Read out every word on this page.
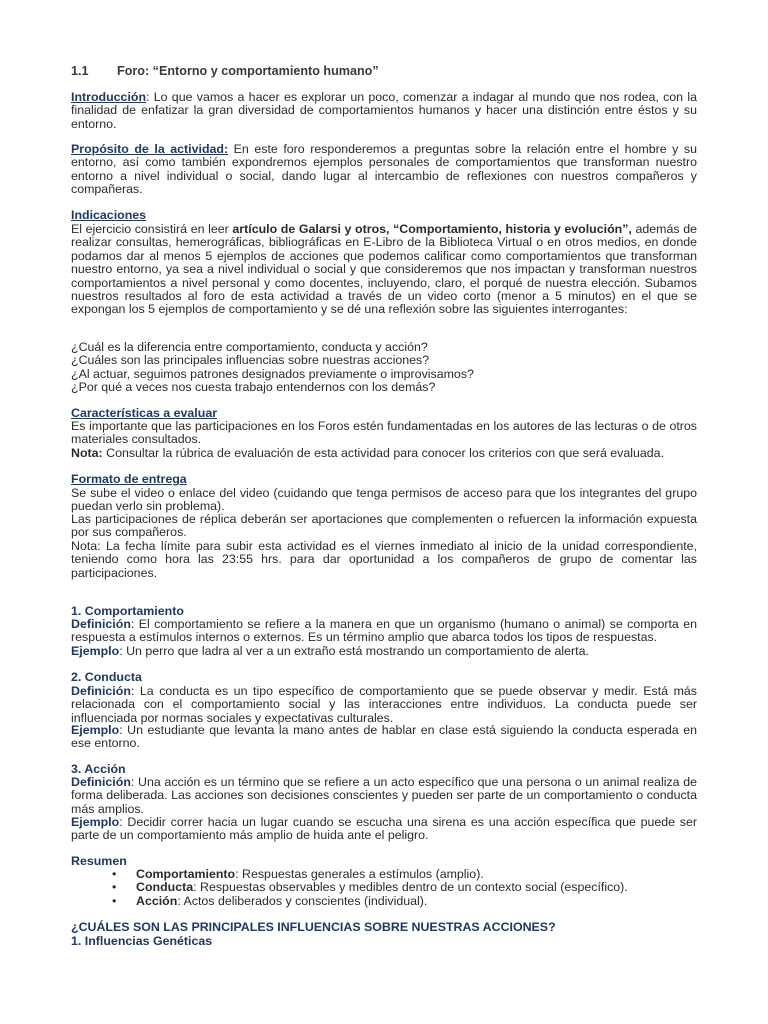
1.1 Foro: “Entorno y comportamiento humano”

Introducción: Lo que vamos a hacer es explorar un poco, comenzar a indagar al mundo que nos rodea, con la finalidad de enfatizar la gran diversidad de comportamientos humanos y hacer una distinción entre éstos y su entorno.

Propósito de la actividad: En este foro responderemos a preguntas sobre la relación entre el hombre y su entorno, así como también expondremos ejemplos personales de comportamientos que transforman nuestro entorno a nivel individual o social, dando lugar al intercambio de reflexiones con nuestros compañeros y compañeras.

Indicaciones

El ejercicio consistirá en leer artículo de Galarsi y otros, “Comportamiento, historia y evolución”, además de realizar consultas, hemerográficas, bibliográficas en E-Libro de la Biblioteca Virtual o en otros medios, en donde podamos dar al menos 5 ejemplos de acciones que podemos calificar como comportamientos que transforman nuestro entorno, ya sea a nivel individual o social y que consideremos que nos impactan y transforman nuestros comportamientos a nivel personal y como docentes, incluyendo, claro, el porqué de nuestra elección. Subamos nuestros resultados al foro de esta actividad a través de un video corto (menor a 5 minutos) en el que se expongan los 5 ejemplos de comportamiento y se dé una reflexión sobre las siguientes interrogantes:

¿Cuál es la diferencia entre comportamiento, conducta y acción?
¿Cuáles son las principales influencias sobre nuestras acciones?
¿Al actuar, seguimos patrones designados previamente o improvisamos?
¿Por qué a veces nos cuesta trabajo entendernos con los demás?
Características a evaluar

Es importante que las participaciones en los Foros estén fundamentadas en los autores de las lecturas o de otros materiales consultados.

Nota: Consultar la rúbrica de evaluación de esta actividad para conocer los criterios con que será evaluada.

Formato de entrega

Se sube el video o enlace del video (cuidando que tenga permisos de acceso para que los integrantes del grupo puedan verlo sin problema).

Las participaciones de réplica deberán ser aportaciones que complementen o refuercen la información expuesta por sus compañeros.

Nota: La fecha límite para subir esta actividad es el viernes inmediato al inicio de la unidad correspondiente, teniendo como hora las 23:55 hrs. para dar oportunidad a los compañeros de grupo de comentar las participaciones.

1. Comportamiento

Definición: El comportamiento se refiere a la manera en que un organismo (humano o animal) se comporta en respuesta a estímulos internos o externos. Es un término amplio que abarca todos los tipos de respuestas.

Ejemplo: Un perro que ladra al ver a un extraño está mostrando un comportamiento de alerta.

2. Conducta

Definición: La conducta es un tipo específico de comportamiento que se puede observar y medir. Está más relacionada con el comportamiento social y las interacciones entre individuos. La conducta puede ser influenciada por normas sociales y expectativas culturales.

Ejemplo: Un estudiante que levanta la mano antes de hablar en clase está siguiendo la conducta esperada en ese entorno.

3. Acción

Definición: Una acción es un término que se refiere a un acto específico que una persona o un animal realiza de forma deliberada. Las acciones son decisiones conscientes y pueden ser parte de un comportamiento o conducta más amplios.

Ejemplo: Decidir correr hacia un lugar cuando se escucha una sirena es una acción específica que puede ser parte de un comportamiento más amplio de huida ante el peligro.

Resumen
• Comportamiento: Respuestas generales a estímulos (amplio).
• Conducta: Respuestas observables y medibles dentro de un contexto social (específico).
• Acción: Actos deliberados y conscientes (individual).
¿CUÁLES SON LAS PRINCIPALES INFLUENCIAS SOBRE NUESTRAS ACCIONES?
1. Influencias Genéticas
